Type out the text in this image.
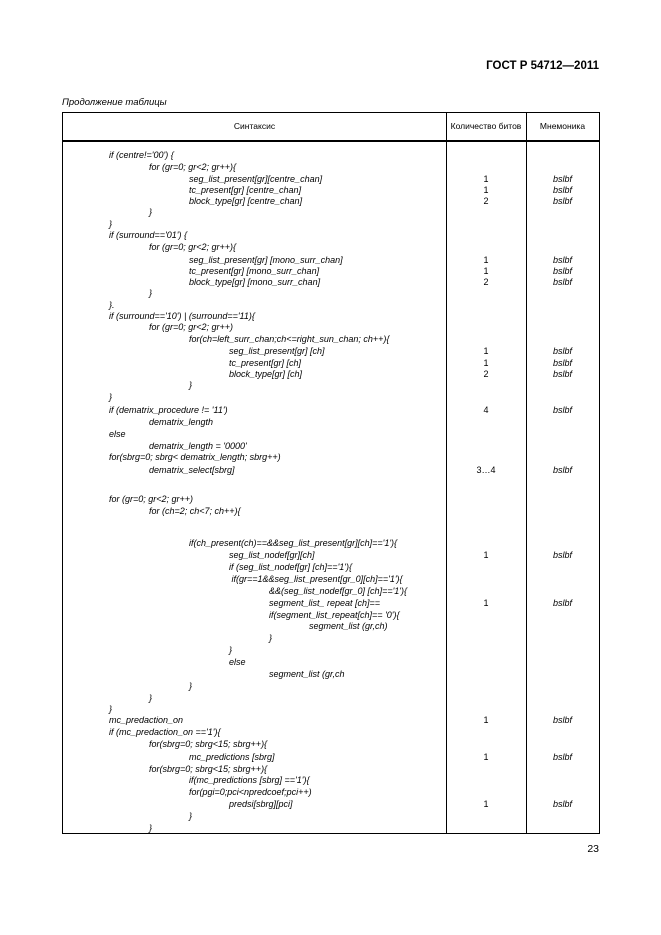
ГОСТ Р 54712—2011
Продолжение таблицы
Синтаксис	Количество битов	Мнемоника
if (centre!='00') {
for (gr=0; gr<2; gr++){
seg_list_present[gr][centre_chan]	1	bslbf
tc_present[gr] [centre_chan]	1	bslbf
block_type[gr] [centre_chan]	2	bslbf
}
}
if (surround=='01') {
for (gr=0; gr<2; gr++){
seg_list_present[gr] [mono_surr_chan]	1	bslbf
tc_present[gr] [mono_surr_chan]	1	bslbf
block_type[gr] [mono_surr_chan]	2	bslbf
}
}.
if (surround=='10') | (surround=='11){
for (gr=0; gr<2; gr++)
for(ch=left_surr_chan;ch<=right_sun_chan; ch++){
seg_list_present[gr] [ch]	1	bslbf
tc_present[gr] [ch]	1	bslbf
block_type[gr] [ch]	2	bslbf
}
}
if (dematrix_procedure != '11')	4	bslbf
dematrix_length
else
dematrix_length = '0000'
for(sbrg=0; sbrg< dematrix_length; sbrg++)
dematrix_select[sbrg]	3…4	bslbf
for (gr=0; gr<2; gr++)
for (ch=2; ch<7; ch++){
if(ch_present(ch)==&&seg_list_present[gr][ch]=='1'){
seg_list_nodef[gr][ch]	1	bslbf
if (seg_list_nodef[gr] [ch]=='1'){
if(gr==1&&seg_list_present[gr_0][ch]=='1'){
&&(seg_list_nodef[gr_0] [ch]=='1'){
segment_list_ repeat [ch]==	1	bslbf
if(segment_list_repeat[ch]== '0'){
segment_list (gr,ch)
}
}
else
segment_list (gr,ch
}
}
}
mc_predaction_on	1	bslbf
if (mc_predaction_on =='1'){
for(sbrg=0; sbrg<15; sbrg++){
mc_predictions [sbrg]	1	bslbf
for(sbrg=0; sbrg<15; sbrg++){
if(mc_predictions [sbrg] =='1'){
for(pgi=0;pci<npredcoef;pci++)
predsi[sbrg][pci]	1	bslbf
}
}
23
